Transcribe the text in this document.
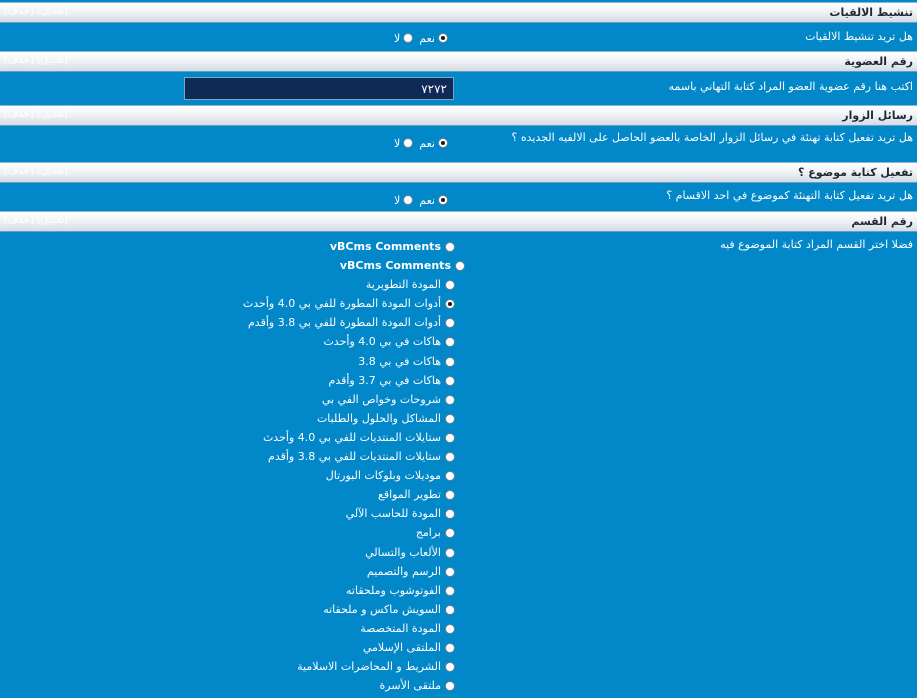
تنشيط الالقيات
[تعديل] [حذف]
هل تريد تنشيط الالقيات
نعملا
رقم العضوية
[تعديل] [حذف]
اكتب هنا رقم عضوية العضو المراد كتابة التهاني باسمه
٧٢٧٢
رسائل الزوار
[تعديل] [حذف]
هل تريد تفعيل كتابة تهنئة في رسائل الزوار الخاصة بالعضو الحاصل على الالفيه الجديده ؟
نعملا
تفعيل كتابة موضوع ؟
[تعديل] [حذف]
هل تريد تفعيل كتابة التهنئة كموضوع في احد الاقسام ؟
نعملا
رقم القسم
[تعديل] [حذف]
فضلا اختر القسم المراد كتابة الموضوع فيه
vBCms Comments
vBCms Comments
المودة التطويرية
أدوات المودة المطورة للفي بي 4.0 وأحدث
أدوات المودة المطورة للفي بي 3.8 وأقدم
هاكات في بي 4.0 وأحدث
هاكات في بي 3.8
هاكات في بي 3.7 وأقدم
شروحات وخواص الفي بي
المشاكل والحلول والطلبات
ستايلات المنتديات للفي بي 4.0 وأحدث
ستايلات المنتديات للفي بي 3.8 وأقدم
موديلات وبلوكات البورتال
تطوير المواقع
المودة للحاسب الآلي
برامج
الألعاب والتسالي
الرسم والتصميم
الفوتوشوب وملحقاته
السويش ماكس و ملحقاته
المودة المتخصصة
الملتقى الإسلامي
الشريط و المحاضرات الاسلامية
ملتقى الأسرة
